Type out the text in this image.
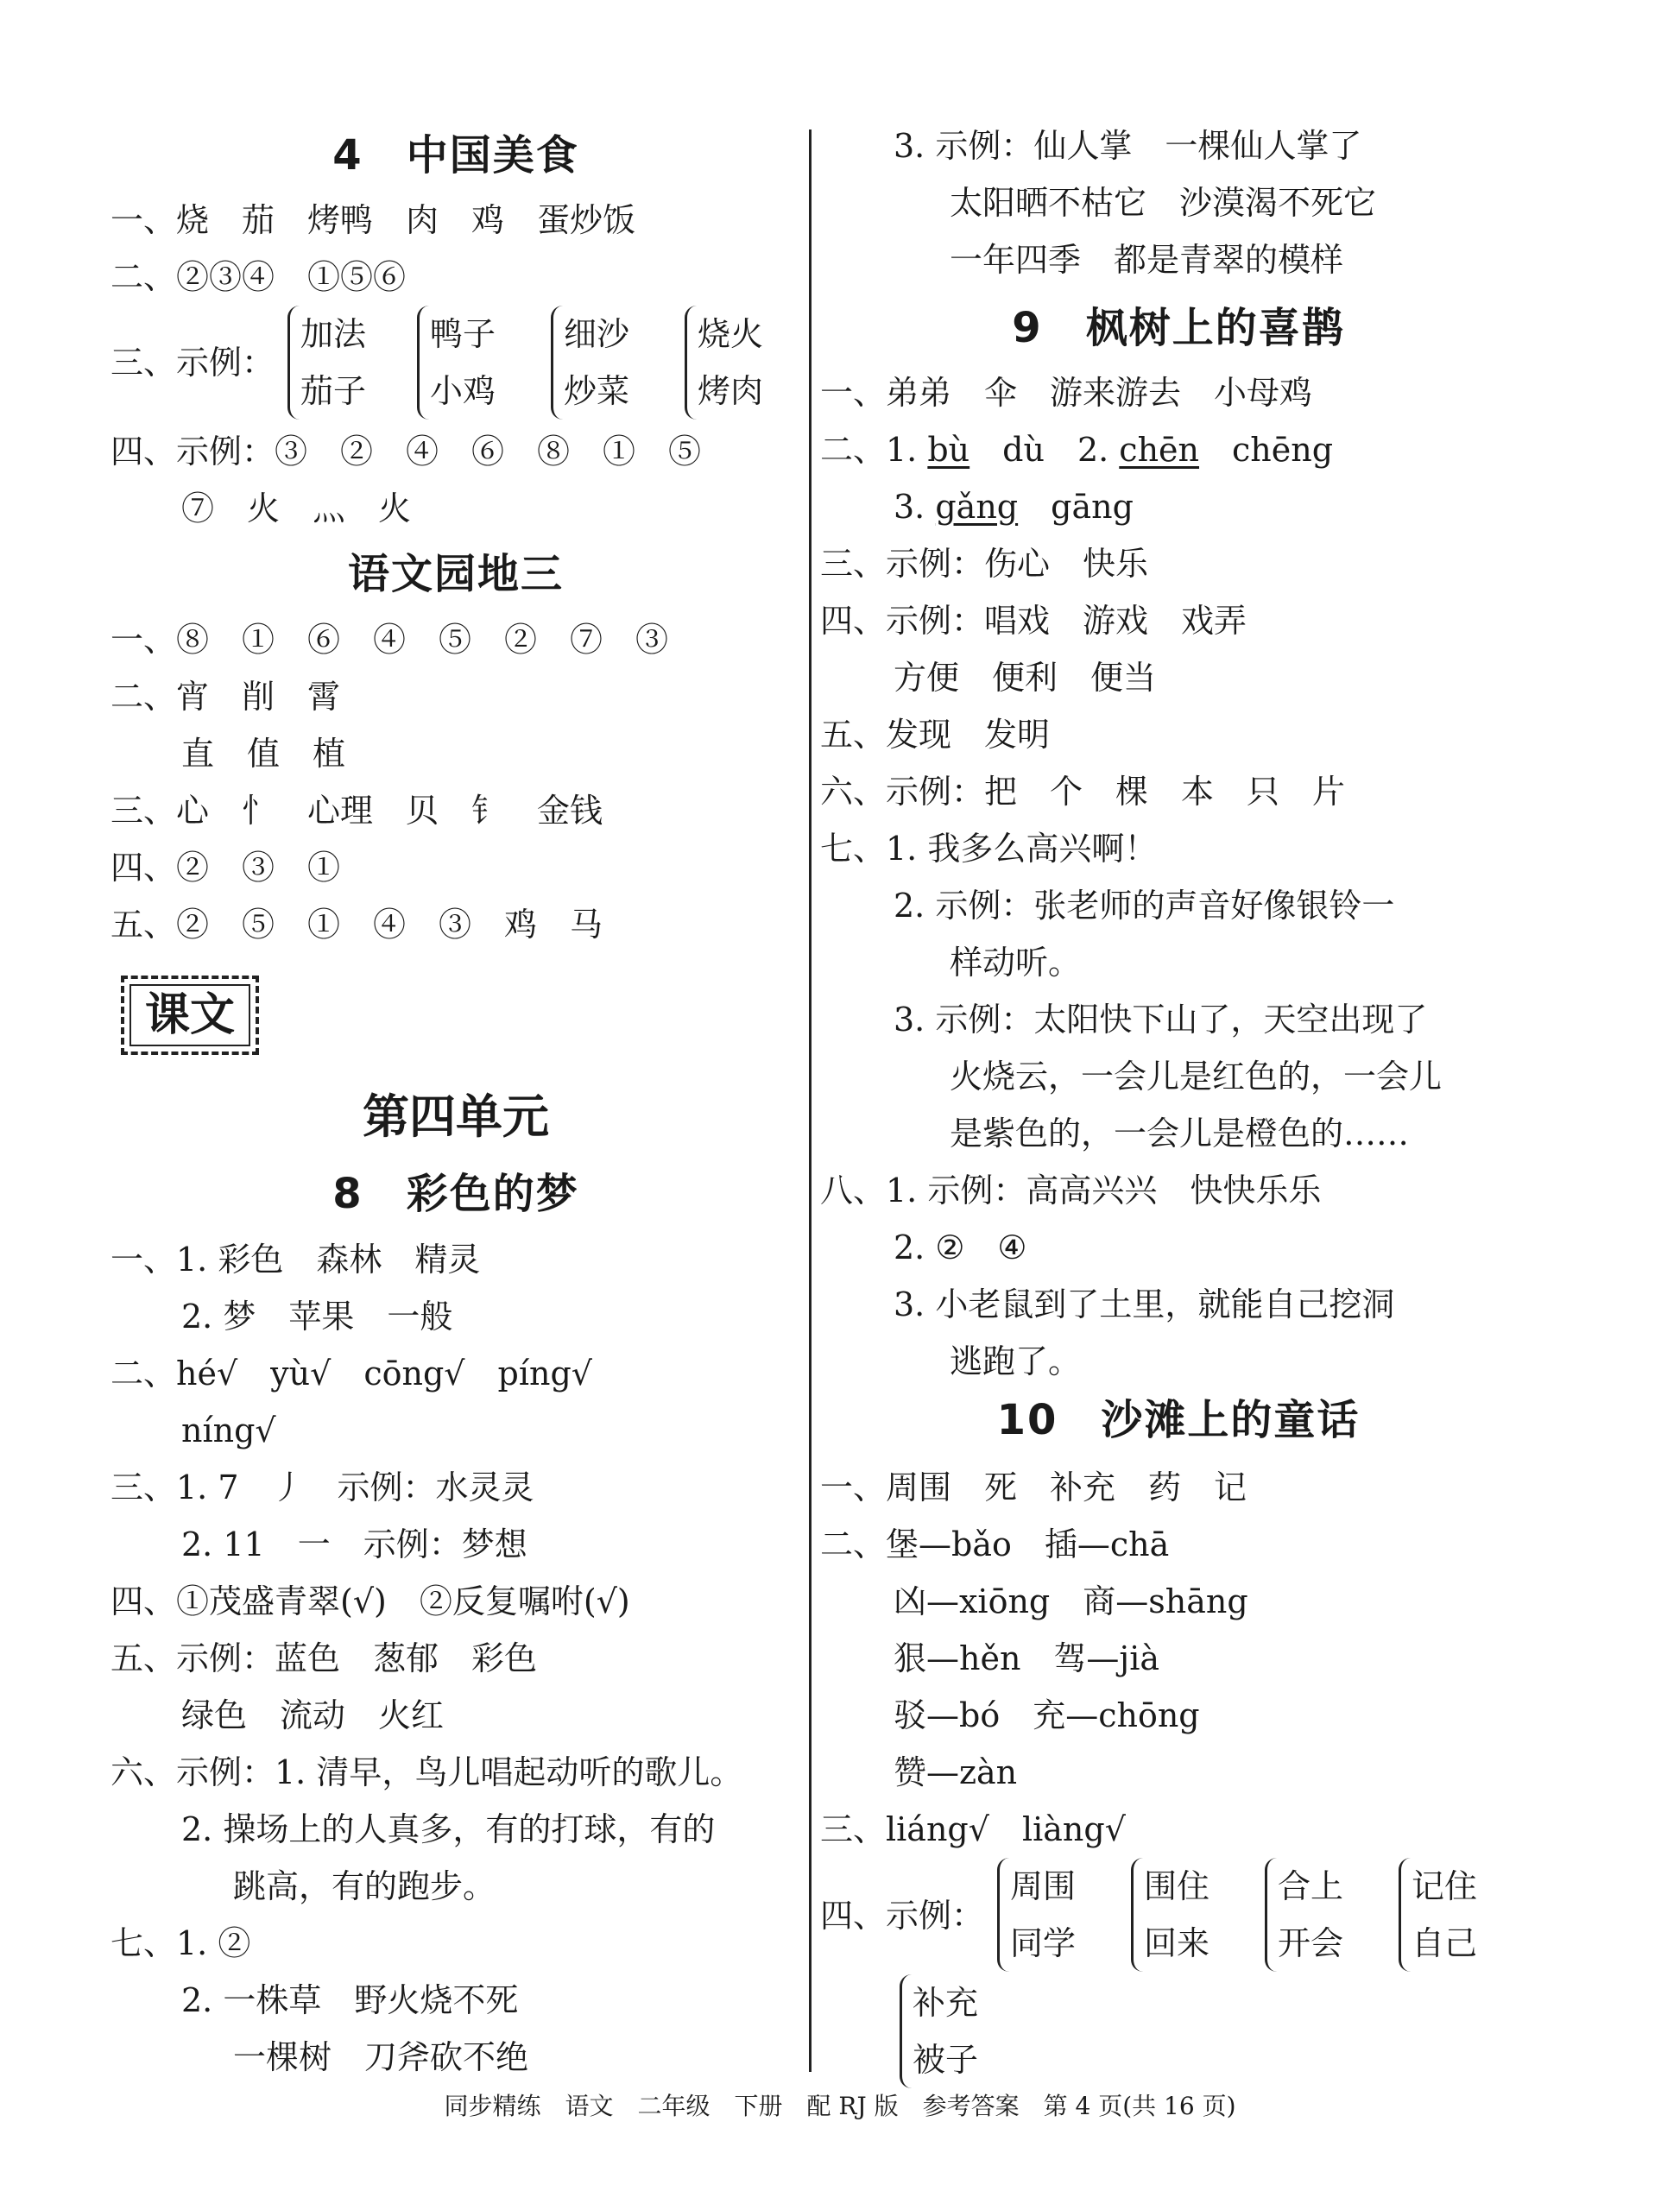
4　中国美食
一、烧　茄　烤鸭　肉　鸡　蛋炒饭
二、②③④　①⑤⑥
三、示例：
加法
茄子
鸭子
小鸡
细沙
炒菜
烧火
烤肉
四、示例：③　②　④　⑥　⑧　①　⑤
⑦　火　灬　火
语文园地三
一、⑧　①　⑥　④　⑤　②　⑦　③
二、宵　削　霄
直　值　植
三、心　忄　心理　贝　钅　金钱
四、②　③　①
五、②　⑤　①　④　③　鸡　马
第四单元
8　彩色的梦
一、1. 彩色　森林　精灵
2. 梦　苹果　一般
二、hé√　yù√　cōng√　píng√
níng√
三、1. 7　丿　示例：水灵灵
2. 11　一　示例：梦想
四、①茂盛青翠(√)　②反复嘱咐(√)
五、示例：蓝色　葱郁　彩色
绿色　流动　火红
六、示例：1. 清早，鸟儿唱起动听的歌儿。
2. 操场上的人真多，有的打球，有的
跳高，有的跑步。
七、1. ②
2. 一株草　野火烧不死
一棵树　刀斧砍不绝
课文
3. 示例：仙人掌　一棵仙人掌了
太阳晒不枯它　沙漠渴不死它
一年四季　都是青翠的模样
9　枫树上的喜鹊
一、弟弟　伞　游来游去　小母鸡
二、1. bù　dù　2. chēn　chēng
3. gǎng　gāng
三、示例：伤心　快乐
四、示例：唱戏　游戏　戏弄
方便　便利　便当
五、发现　发明
六、示例：把　个　棵　本　只　片
七、1. 我多么高兴啊！
2. 示例：张老师的声音好像银铃一
样动听。
3. 示例：太阳快下山了，天空出现了
火烧云，一会儿是红色的，一会儿
是紫色的，一会儿是橙色的……
八、1. 示例：高高兴兴　快快乐乐
2. ②　④
3. 小老鼠到了土里，就能自己挖洞
逃跑了。
10　沙滩上的童话
一、周围　死　补充　药　记
二、堡—bǎo　插—chā
凶—xiōng　商—shāng
狠—hěn　驾—jià
驳—bó　充—chōng
赞—zàn
三、liáng√　liàng√
四、示例：
周围
同学
围住
回来
合上
开会
记住
自己
补充
被子
同步精练　语文　二年级　下册　配 RJ 版　参考答案　第 4 页(共 16 页)
